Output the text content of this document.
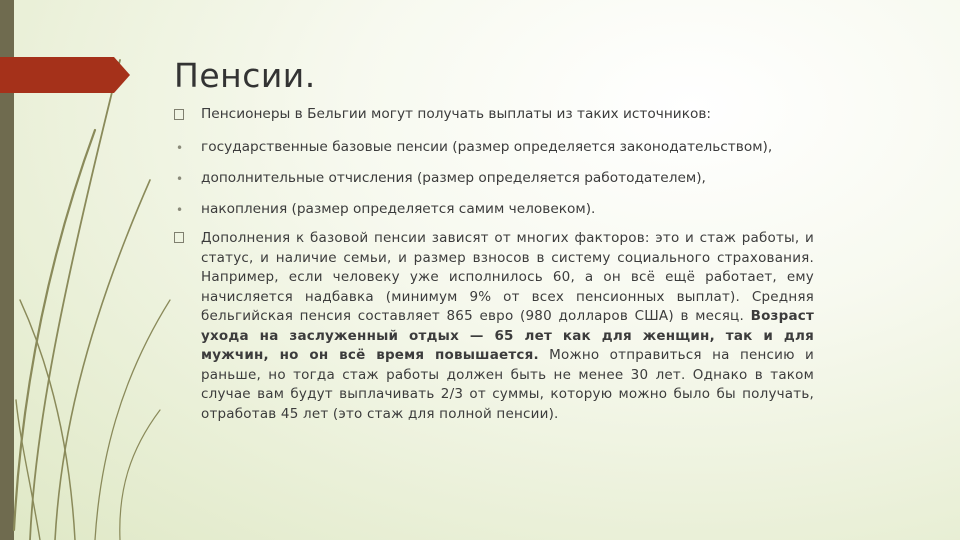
Пенсии.
Пенсионеры в Бельгии могут получать выплаты из таких источников:
• государственные базовые пенсии (размер определяется законодательством),
• дополнительные отчисления (размер определяется работодателем),
• накопления (размер определяется самим человеком).
Дополнения к базовой пенсии зависят от многих факторов: это и стаж работы, и статус, и наличие семьи, и размер взносов в систему социального страхования. Например, если человеку уже исполнилось 60, а он всё ещё работает, ему начисляется надбавка (минимум 9% от всех пенсионных выплат). Средняя бельгийская пенсия составляет 865 евро (980 долларов США) в месяц. Возраст ухода на заслуженный отдых — 65 лет как для женщин, так и для мужчин, но он всё время повышается. Можно отправиться на пенсию и раньше, но тогда стаж работы должен быть не менее 30 лет. Однако в таком случае вам будут выплачивать 2/3 от суммы, которую можно было бы получать, отработав 45 лет (это стаж для полной пенсии).
